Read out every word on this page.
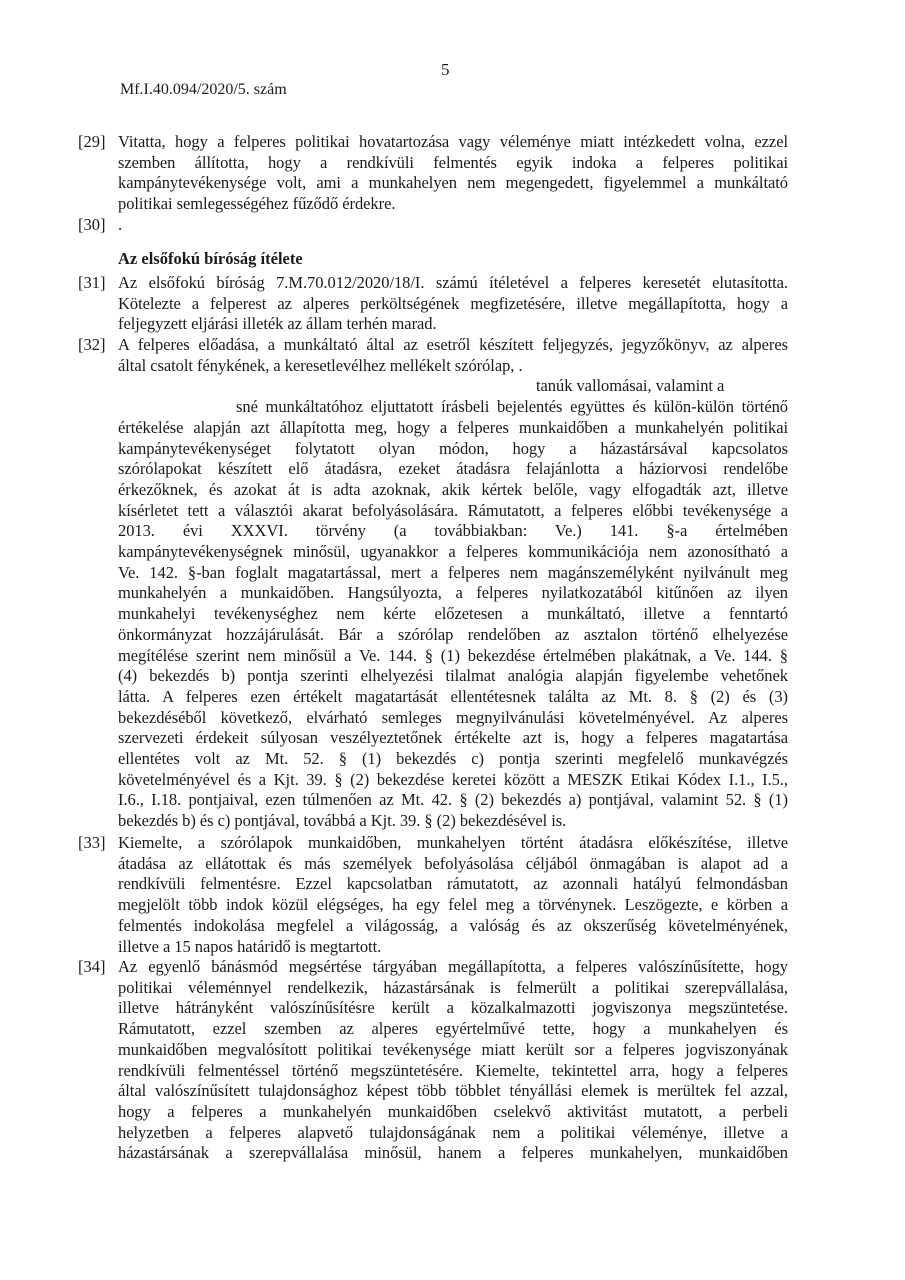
5
Mf.I.40.094/2020/5. szám
[29] Vitatta, hogy a felperes politikai hovatartozása vagy véleménye miatt intézkedett volna, ezzel
szemben állította, hogy a rendkívüli felmentés egyik indoka a felperes politikai
kampánytevékenysége volt, ami a munkahelyen nem megengedett, figyelemmel a munkáltató
politikai semlegességéhez fűződő érdekre.
[30] .
Az elsőfokú bíróság ítélete
[31] Az elsőfokú bíróság 7.M.70.012/2020/18/I. számú ítéletével a felperes keresetét elutasította.
Kötelezte a felperest az alperes perköltségének megfizetésére, illetve megállapította, hogy a
feljegyzett eljárási illeték az állam terhén marad.
[32] A felperes előadása, a munkáltató által az esetről készített feljegyzés, jegyzőkönyv, az alperes
által csatolt fénykének, a keresetlevélhez mellékelt szórólap, .
tanúk vallomásai, valamint a
sné munkáltatóhoz eljuttatott írásbeli bejelentés együttes és külön-külön történő
értékelése alapján azt állapította meg, hogy a felperes munkaidőben a munkahelyén politikai
kampánytevékenységet folytatott olyan módon, hogy a házastársával kapcsolatos
szórólapokat készített elő átadásra, ezeket átadásra felajánlotta a háziorvosi rendelőbe
érkezőknek, és azokat át is adta azoknak, akik kértek belőle, vagy elfogadták azt, illetve
kísérletet tett a választói akarat befolyásolására. Rámutatott, a felperes előbbi tevékenysége a
2013. évi XXXVI. törvény (a továbbiakban: Ve.) 141. §-a értelmében
kampánytevékenységnek minősül, ugyanakkor a felperes kommunikációja nem azonosítható a
Ve. 142. §-ban foglalt magatartással, mert a felperes nem magánszemélyként nyilvánult meg
munkahelyén a munkaidőben. Hangsúlyozta, a felperes nyilatkozatából kitűnően az ilyen
munkahelyi tevékenységhez nem kérte előzetesen a munkáltató, illetve a fenntartó
önkormányzat hozzájárulását. Bár a szórólap rendelőben az asztalon történő elhelyezése
megítélése szerint nem minősül a Ve. 144. § (1) bekezdése értelmében plakátnak, a Ve. 144. §
(4) bekezdés b) pontja szerinti elhelyezési tilalmat analógia alapján figyelembe vehetőnek
látta. A felperes ezen értékelt magatartását ellentétesnek találta az Mt. 8. § (2) és (3)
bekezdéséből következő, elvárható semleges megnyilvánulási követelményével. Az alperes
szervezeti érdekeit súlyosan veszélyeztetőnek értékelte azt is, hogy a felperes magatartása
ellentétes volt az Mt. 52. § (1) bekezdés c) pontja szerinti megfelelő munkavégzés
követelményével és a Kjt. 39. § (2) bekezdése keretei között a MESZK Etikai Kódex I.1., I.5.,
I.6., I.18. pontjaival, ezen túlmenően az Mt. 42. § (2) bekezdés a) pontjával, valamint 52. § (1)
bekezdés b) és c) pontjával, továbbá a Kjt. 39. § (2) bekezdésével is.
[33] Kiemelte, a szórólapok munkaidőben, munkahelyen történt átadásra előkészítése, illetve
átadása az ellátottak és más személyek befolyásolása céljából önmagában is alapot ad a
rendkívüli felmentésre. Ezzel kapcsolatban rámutatott, az azonnali hatályú felmondásban
megjelölt több indok közül elégséges, ha egy felel meg a törvénynek. Leszögezte, e körben a
felmentés indokolása megfelel a világosság, a valóság és az okszerűség követelményének,
illetve a 15 napos határidő is megtartott.
[34] Az egyenlő bánásmód megsértése tárgyában megállapította, a felperes valószínűsítette, hogy
politikai véleménnyel rendelkezik, házastársának is felmerült a politikai szerepvállalása,
illetve hátrányként valószínűsítésre került a közalkalmazotti jogviszonya megszüntetése.
Rámutatott, ezzel szemben az alperes egyértelművé tette, hogy a munkahelyen és
munkaidőben megvalósított politikai tevékenysége miatt került sor a felperes jogviszonyának
rendkívüli felmentéssel történő megszüntetésére. Kiemelte, tekintettel arra, hogy a felperes
által valószínűsített tulajdonsághoz képest több többlet tényállási elemek is merültek fel azzal,
hogy a felperes a munkahelyén munkaidőben cselekvő aktivitást mutatott, a perbeli
helyzetben a felperes alapvető tulajdonságának nem a politikai véleménye, illetve a
házastársának a szerepvállalása minősül, hanem a felperes munkahelyen, munkaidőben
